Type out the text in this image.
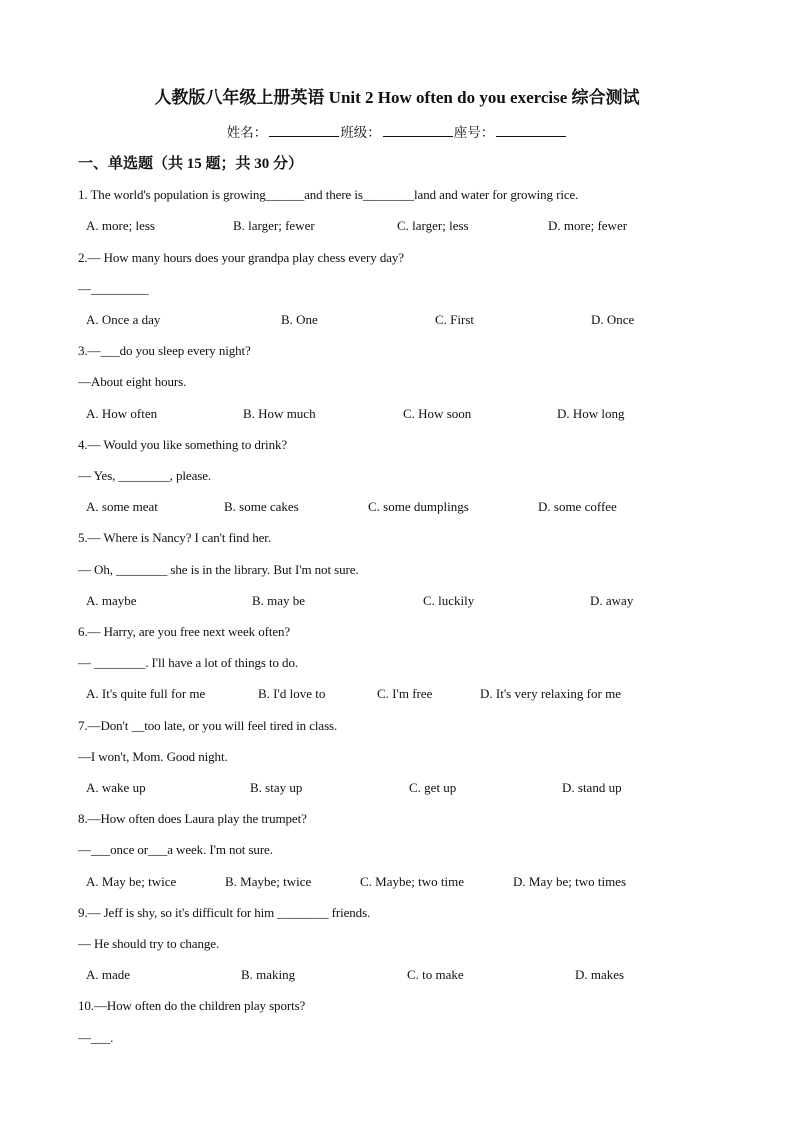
人教版八年级上册英语 Unit 2 How often do you exercise 综合测试
姓名：	班级：	座号：
一、单选题（共 15 题；共 30 分）
1. The world's population is growing______and there is________land and water for growing rice.
A. more; less	B. larger; fewer	C. larger; less	D. more; fewer
2.— How many hours does your grandpa play chess every day?
—_________
A. Once a day	B. One	C. First	D. Once
3.—___do you sleep every night?
—About eight hours.
A. How often	B. How much	C. How soon	D. How long
4.— Would you like something to drink?
— Yes, ________, please.
A. some meat	B. some cakes	C. some dumplings	D. some coffee
5.— Where is Nancy? I can't find her.
— Oh, ________ she is in the library. But I'm not sure.
A. maybe	B. may be	C. luckily	D. away
6.— Harry, are you free next week often?
— ________. I'll have a lot of things to do.
A. It's quite full for me	B. I'd love to	C. I'm free	D. It's very relaxing for me
7.—Don't __too late, or you will feel tired in class.
—I won't, Mom. Good night.
A. wake up	B. stay up	C. get up	D. stand up
8.—How often does Laura play the trumpet?
—___once or___a week. I'm not sure.
A. May be; twice	B. Maybe; twice	C. Maybe; two time	D. May be; two times
9.— Jeff is shy, so it's difficult for him ________ friends.
— He should try to change.
A. made	B. making	C. to make	D. makes
10.—How often do the children play sports?
—___.
